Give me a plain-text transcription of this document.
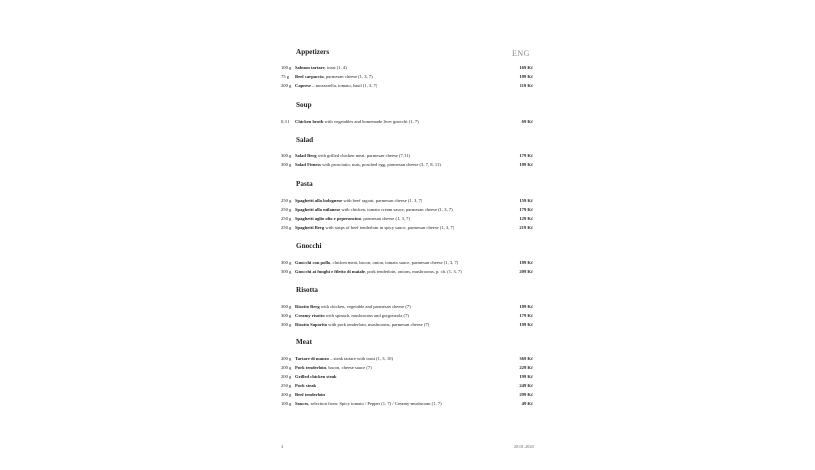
ENG
Appetizers
100 g Salmon tartare, toast (1, 4)	169 Kč
75 g Beef carpaccio, parmesan cheese (1, 3, 7)	189 Kč
200 g Caprese – mozzarella, tomato, basil (1, 3, 7)	119 Kč
Soup
0,3 l Chicken broth with vegetables and homemade liver gnocchi (1, 7)	69 Kč
Salad
300 g Salad Berg with grilled chicken meat, parmesan cheese (7,11)	179 Kč
300 g Salad Fitness with prosciutto, nuts, poached egg, parmesan cheese (3, 7, 8, 11)	189 Kč
Pasta
250 g Spaghetti alla bolognese with beef ragout, parmesan cheese (1, 3, 7)	159 Kč
250 g Spaghetti alla milanese with chicken, tomato cream sauce, parmesan cheese (1, 3, 7)	179 Kč
250 g Spaghetti aglio olio e peperoncino, parmesan cheese (1, 3, 7)	129 Kč
250 g Spaghetti Berg with strips of beef tenderloin in spicy sauce, parmesan cheese (1, 3, 7)	219 Kč
Gnocchi
300 g Gnocchi con pollo, chicken meat, bacon, onion, tomato sauce, parmesan cheese (1, 3, 7)	189 Kč
300 g Gnocchi ai funghi e filetto di maiale, pork tenderloin, onions, mushrooms, p. ch. (1, 3, 7)	209 Kč
Risotta
300 g Risotto Berg with chicken, vegetable and parmesan cheese (7)	189 Kč
300 g Creamy risotto with spinach, mushrooms and gorgonzola (7)	179 Kč
300 g Risotto Saporito with pork tenderloin, mushrooms, parmesan cheese (7)	199 Kč
Meat
200 g Tartare di manzo – steak tartare with toast (1, 3, 10)	369 Kč
200 g Pork tenderloin, bacon, cheese sauce (7)	229 Kč
200 g Grilled chicken steak	199 Kč
250 g Pork steak	249 Kč
200 g Beef tenderloin	299 Kč
100 g Sauces, selection from: Spicy tomato / Pepper (1, 7) / Creamy-mushroom (1, 7)	49 Kč
4	28.01.2020
